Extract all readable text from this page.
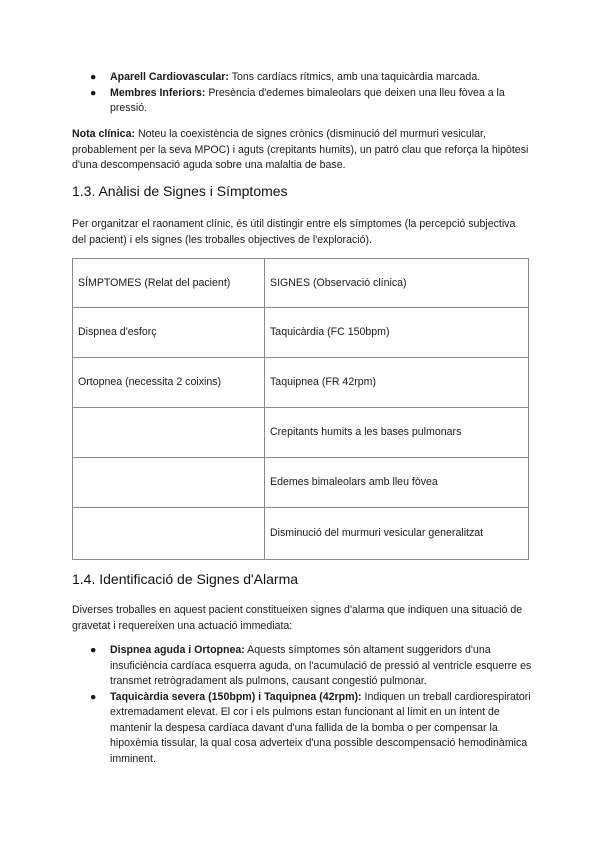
● Aparell Cardiovascular: Tons cardíacs rítmics, amb una taquicàrdia marcada.
● Membres Inferiors: Presència d'edemes bimaleolars que deixen una lleu fòvea a la pressió.

Nota clínica: Noteu la coexistència de signes crònics (disminució del murmuri vesicular, probablement per la seva MPOC) i aguts (crepitants humits), un patró clau que reforça la hipòtesi d'una descompensació aguda sobre una malaltia de base.

1.3. Anàlisi de Signes i Símptomes

Per organitzar el raonament clínic, és útil distingir entre els símptomes (la percepció subjectiva del pacient) i els signes (les troballes objectives de l'exploració).

SÍMPTOMES (Relat del pacient)	SIGNES (Observació clínica)
Dispnea d'esforç	Taquicàrdia (FC 150bpm)
Ortopnea (necessita 2 coixins)	Taquipnea (FR 42rpm)
	Crepitants humits a les bases pulmonars
	Edemes bimaleolars amb lleu fòvea
	Disminució del murmuri vesicular generalitzat
1.4. Identificació de Signes d'Alarma

Diverses troballes en aquest pacient constitueixen signes d'alarma que indiquen una situació de gravetat i requereixen una actuació immediata:

● Dispnea aguda i Ortopnea: Aquests símptomes són altament suggeridors d'una insuficiència cardíaca esquerra aguda, on l'acumulació de pressió al ventricle esquerre es transmet retrògradament als pulmons, causant congestió pulmonar.
● Taquicàrdia severa (150bpm) i Taquipnea (42rpm): Indiquen un treball cardiorespiratori extremadament elevat. El cor i els pulmons estan funcionant al límit en un intent de mantenir la despesa cardíaca davant d'una fallida de la bomba o per compensar la hipoxèmia tissular, la qual cosa adverteix d'una possible descompensació hemodinàmica imminent.
